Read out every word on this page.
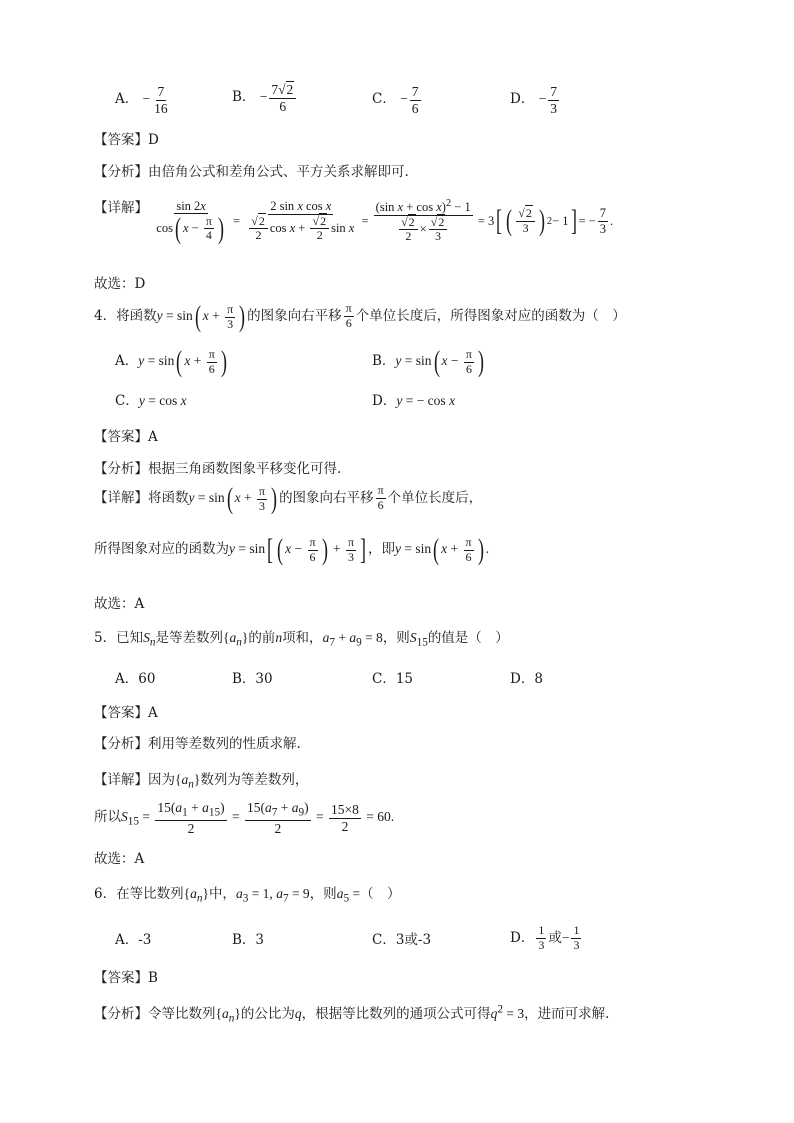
A． − $\frac{7}{16}$	B． − $\frac{7√2}{6}$	C． − $\frac{7}{6}$	D． − $\frac{7}{3}$
【答案】D
【分析】由倍角公式和差角公式、平方关系求解即可.
【详解】 $\frac{\sin 2x}{\cos( x - \frac{\pi}{4} )} = \frac{\text{2 sin x cos x}}{\frac{√2}{2} \cos x + \frac{√2}{2} \sin x} = \frac{(\sin x + \cos x)^2 - 1}{\frac{√2}{2} \times \frac{√2}{3}} = 3$ [ ( $\frac{√2}{3}$ ) 2 − 1 ] = − $\frac{7}{3}$ .
故选：D
4．将函数y = sin( $x + \frac{\pi}{3}$ ) 的图象向右平移 $\frac{\pi}{6}$ 个单位长度后，所得图象对应的函数为（　）
A．y = sin( $x + \frac{\pi}{6}$ )	B．y = sin( $x - \frac{\pi}{6}$ )
C．y = cos x	D．y = − cos x
【答案】A
【分析】根据三角函数图象平移变化可得.
【详解】将函数y = sin( $x + \frac{\pi}{3}$ ) 的图象向右平移 $\frac{\pi}{6}$ 个单位长度后，
所得图象对应的函数为y = sin[ ( $x - \frac{\pi}{6}$ ) + $\frac{\pi}{3}$ ] ，即y = sin( $x + \frac{\pi}{6}$ ) .
故选：A
5．已知$S_n$是等差数列$\{a_n\}$的前n项和，$a_7 + a_9 = 8$，则$S_{15}$的值是（　）
A．60	B．30	C．15	D．8
【答案】A
【分析】利用等差数列的性质求解.
【详解】因为$\{a_n\}$数列为等差数列，
所以$S_{15} = \frac{15(a_1 + a_{15})}{2} = \frac{15(a_7 + a_9)}{2} = \frac{15\times 8}{2} = 60$.
故选：A
6．在等比数列$\{a_n\}$中，$a_3 = 1$, $a_7 = 9$，则$a_5$ =（　）
A．-3	B．3	C．3或-3	D． $\frac{1}{3}$ 或− $\frac{1}{3}$
【答案】B
【分析】令等比数列$\{a_n\}$的公比为q，根据等比数列的通项公式可得$q^2 = 3$，进而可求解.
